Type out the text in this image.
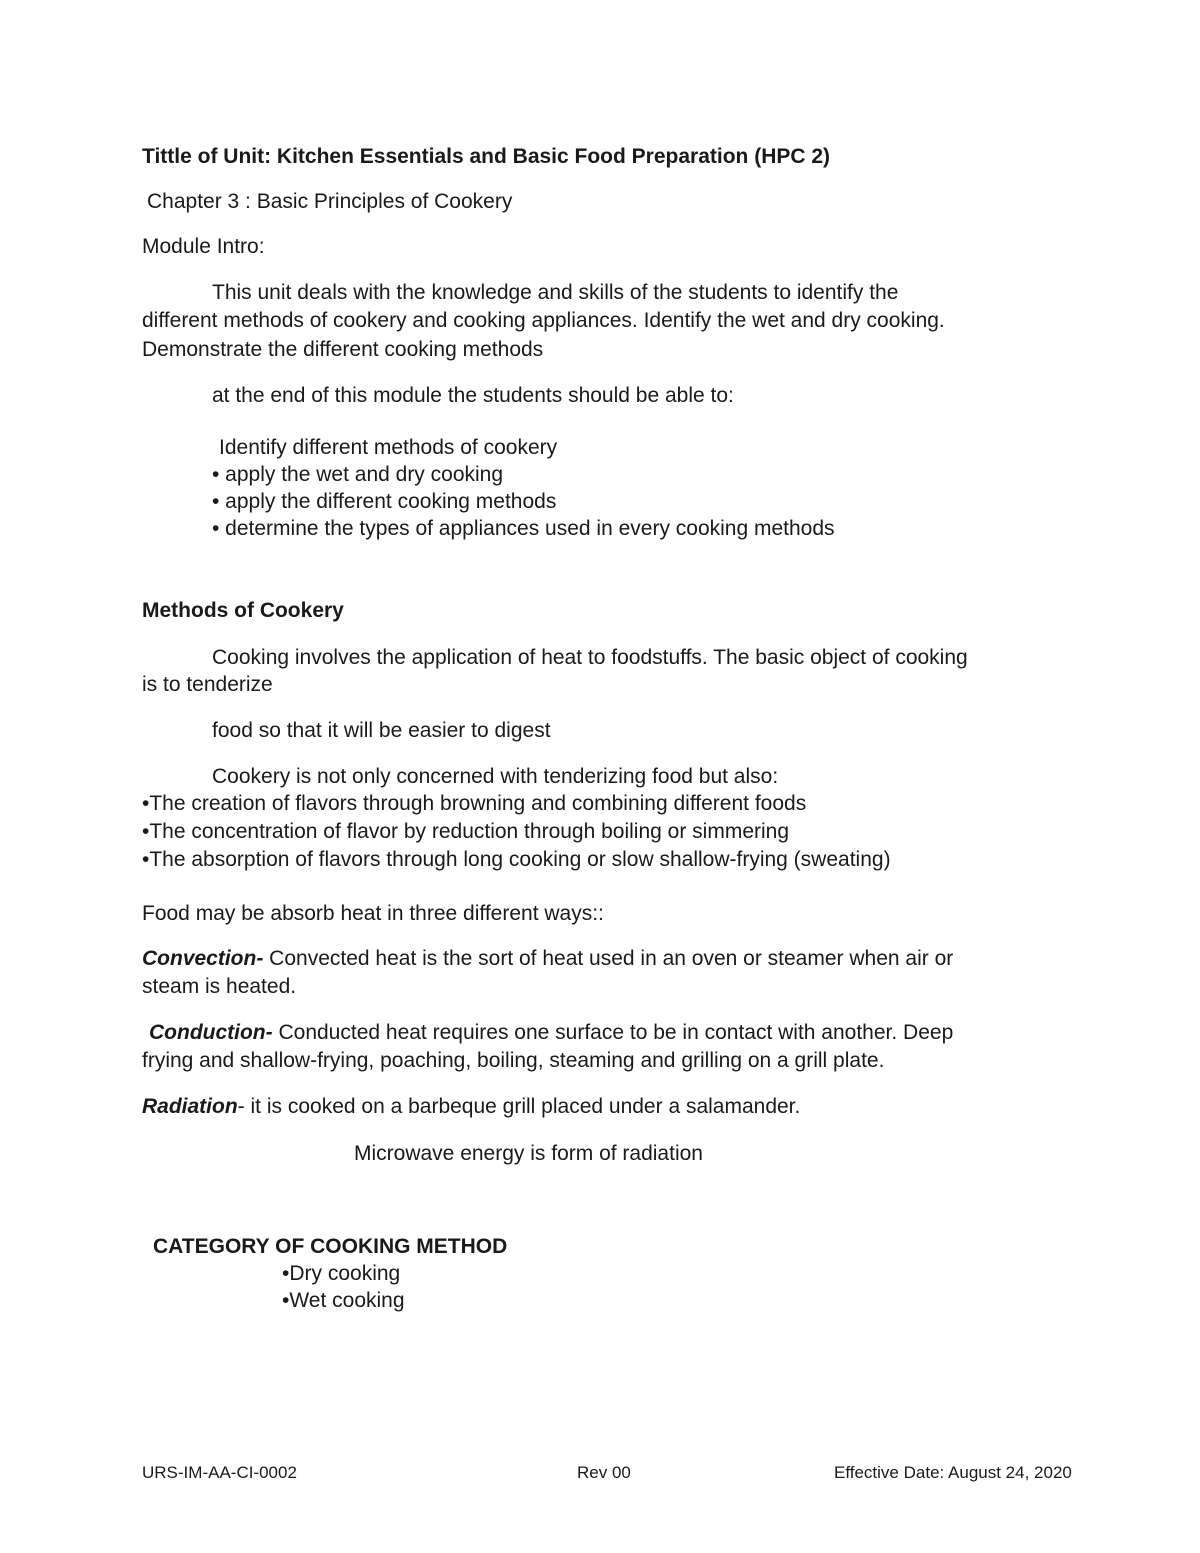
Tittle of Unit: Kitchen Essentials and Basic Food Preparation (HPC 2)
Chapter 3 : Basic Principles of Cookery
Module Intro:
This unit deals with the knowledge and skills of the students to identify the
different methods of cookery and cooking appliances. Identify the wet and dry cooking.
Demonstrate the different cooking methods
at the end of this module the students should be able to:
Identify different methods of cookery
• apply the wet and dry cooking
• apply the different cooking methods
• determine the types of appliances used in every cooking methods
Methods of Cookery
Cooking involves the application of heat to foodstuffs. The basic object of cooking
is to tenderize
food so that it will be easier to digest
Cookery is not only concerned with tenderizing food but also:
•The creation of flavors through browning and combining different foods
•The concentration of flavor by reduction through boiling or simmering
•The absorption of flavors through long cooking or slow shallow-frying (sweating)
Food may be absorb heat in three different ways::
Convection- Convected heat is the sort of heat used in an oven or steamer when air or
steam is heated.
Conduction- Conducted heat requires one surface to be in contact with another. Deep
frying and shallow-frying, poaching, boiling, steaming and grilling on a grill plate.
Radiation- it is cooked on a barbeque grill placed under a salamander.
Microwave energy is form of radiation
CATEGORY OF COOKING METHOD
•Dry cooking
•Wet cooking
URS-IM-AA-CI-0002	Rev 00	Effective Date: August 24, 2020
